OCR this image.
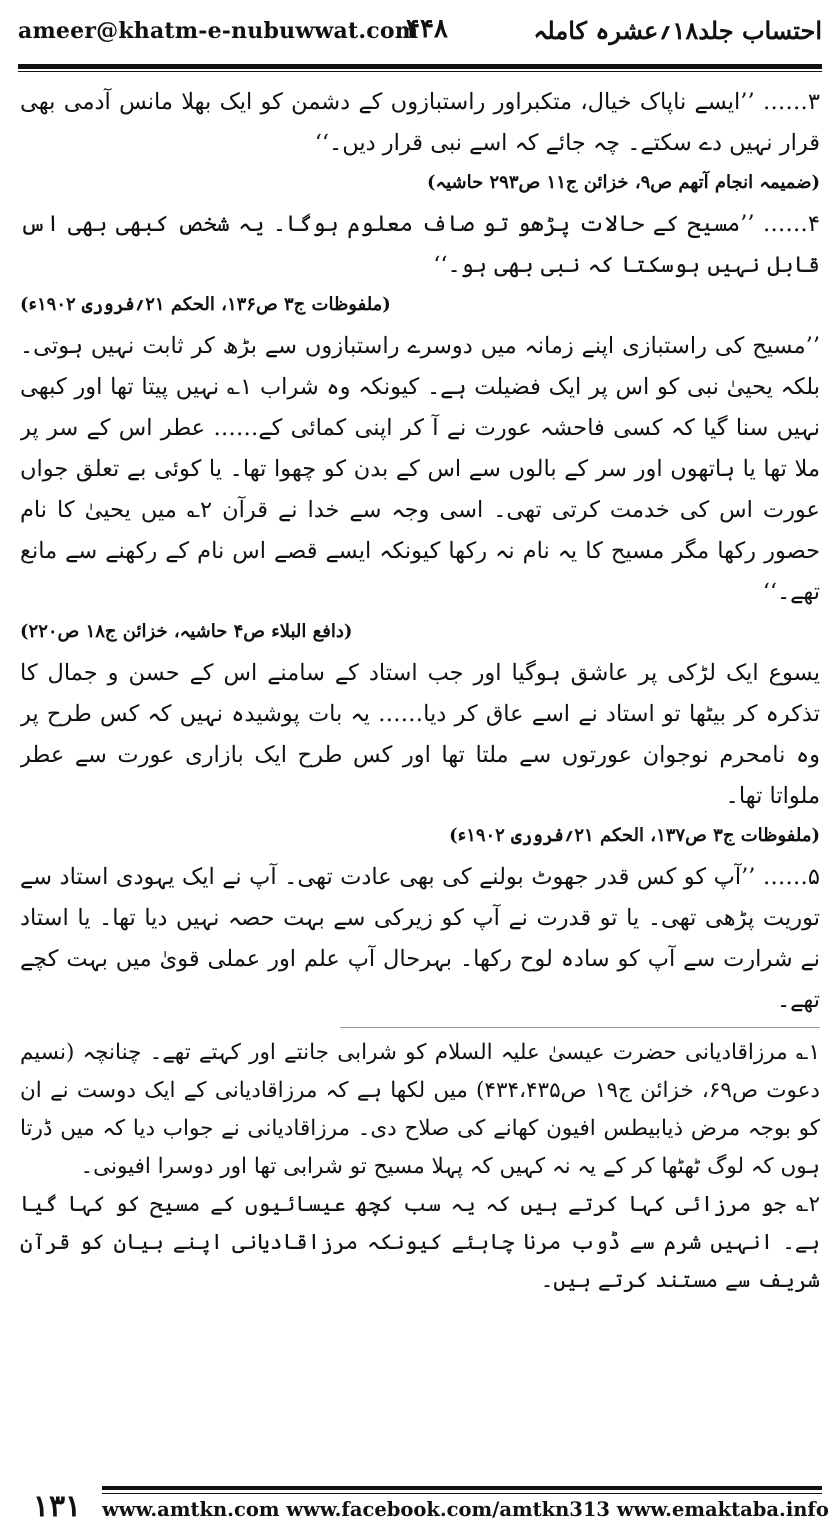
ameer@khatm-e-nubuwwat.com
۴۴۸	احتساب جلد۱۸؍عشرہ کاملہ

۳…… ’’ایسے ناپاک خیال، متکبراور راستبازوں کے دشمن کو ایک بھلا مانس آدمی بھی قرار نہیں دے سکتے۔ چہ جائے کہ اسے نبی قرار دیں۔‘‘

(ضمیمہ انجام آتھم ص۹، خزائن ج۱۱ ص۲۹۳ حاشیہ)

۴…… ’’مسیح کے حالات پڑھو تو صاف معلوم ہوگا۔ یہ شخص کبھی بھی اس قابل نہیں ہوسکتا کہ نبی بھی ہو۔‘‘

(ملفوظات ج۳ ص۱۳۶، الحکم ۲۱؍فروری ۱۹۰۲ء)

’’مسیح کی راستبازی اپنے زمانہ میں دوسرے راستبازوں سے بڑھ کر ثابت نہیں ہوتی۔ بلکہ یحییٰ نبی کو اس پر ایک فضیلت ہے۔ کیونکہ وہ شراب ۱؎ نہیں پیتا تھا اور کبھی نہیں سنا گیا کہ کسی فاحشہ عورت نے آ کر اپنی کمائی کے…… عطر اس کے سر پر ملا تھا یا ہاتھوں اور سر کے بالوں سے اس کے بدن کو چھوا تھا۔ یا کوئی بے تعلق جواں عورت اس کی خدمت کرتی تھی۔ اسی وجہ سے خدا نے قرآن ۲؎ میں یحییٰ کا نام حصور رکھا مگر مسیح کا یہ نام نہ رکھا کیونکہ ایسے قصے اس نام کے رکھنے سے مانع تھے۔‘‘

(دافع البلاء ص۴ حاشیہ، خزائن ج۱۸ ص۲۲۰)

یسوع ایک لڑکی پر عاشق ہوگیا اور جب استاد کے سامنے اس کے حسن و جمال کا تذکرہ کر بیٹھا تو استاد نے اسے عاق کر دیا…… یہ بات پوشیدہ نہیں کہ کس طرح پر وہ نامحرم نوجوان عورتوں سے ملتا تھا اور کس طرح ایک بازاری عورت سے عطر ملواتا تھا۔

(ملفوظات ج۳ ص۱۳۷، الحکم ۲۱؍فروری ۱۹۰۲ء)

۵…… ’’آپ کو کس قدر جھوٹ بولنے کی بھی عادت تھی۔ آپ نے ایک یہودی استاد سے توریت پڑھی تھی۔ یا تو قدرت نے آپ کو زیرکی سے بہت حصہ نہیں دیا تھا۔ یا استاد نے شرارت سے آپ کو سادہ لوح رکھا۔ بہرحال آپ علم اور عملی قویٰ میں بہت کچے تھے۔

۱؎ مرزاقادیانی حضرت عیسیٰ علیہ السلام کو شرابی جانتے اور کہتے تھے۔ چنانچہ (نسیم دعوت ص۶۹، خزائن ج۱۹ ص۴۳۴،۴۳۵) میں لکھا ہے کہ مرزاقادیانی کے ایک دوست نے ان کو بوجہ مرض ذیابیطس افیون کھانے کی صلاح دی۔ مرزاقادیانی نے جواب دیا کہ میں ڈرتا ہوں کہ لوگ ٹھٹھا کر کے یہ نہ کہیں کہ پہلا مسیح تو شرابی تھا اور دوسرا افیونی۔

۲؎ جو مرزائی کہا کرتے ہیں کہ یہ سب کچھ عیسائیوں کے مسیح کو کہا گیا ہے۔ انہیں شرم سے ڈوب مرنا چاہئے کیونکہ مرزاقادیانی اپنے بیان کو قرآن شریف سے مستند کرتے ہیں۔

۱۳۱	www.amtkn.com www.facebook.com/amtkn313 www.emaktaba.info
